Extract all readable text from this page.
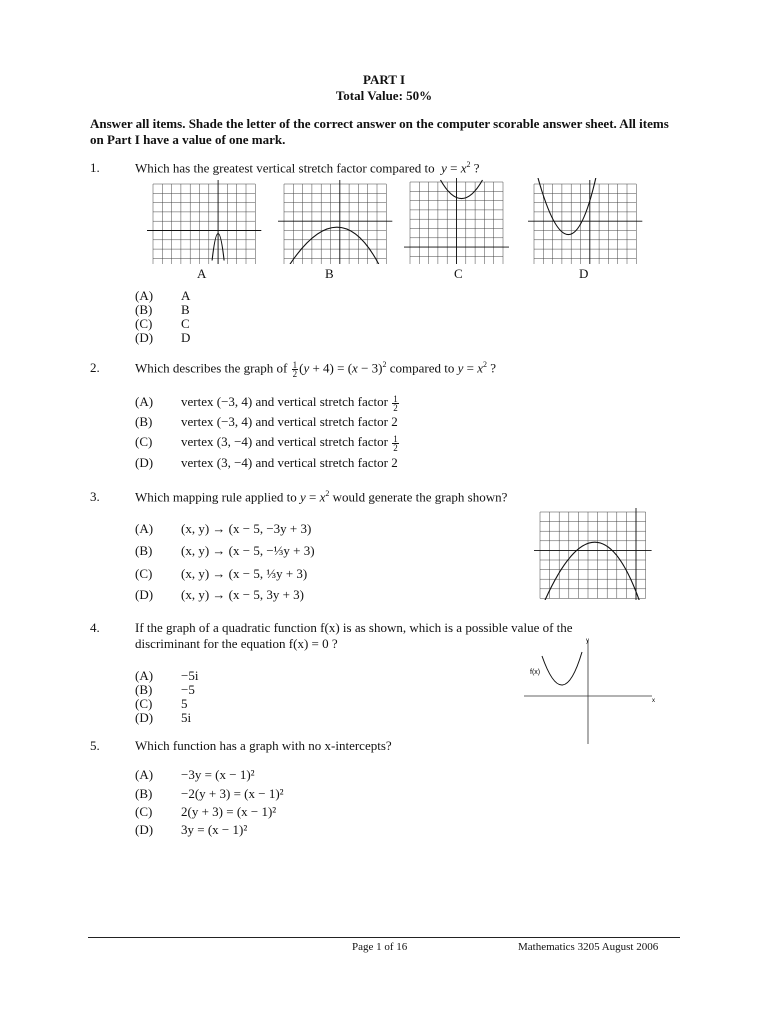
PART I
Total Value: 50%
Answer all items. Shade the letter of the correct answer on the computer scorable answer sheet. All items on Part I have a value of one mark.
1.	Which has the greatest vertical stretch factor compared to $y = x^2$ ?
A	B	C	D
(A) A
(B) B
(C) C
(D) D
2.	Which describes the graph of $\frac{1}{2} (y + 4) = (x - 3)^2$ compared to $y = x^2$ ?
(A) vertex (−3, 4) and vertical stretch factor $\frac{1}{2}$
(B) vertex (−3, 4) and vertical stretch factor 2
(C) vertex (3, −4) and vertical stretch factor $\frac{1}{2}$
(D) vertex (3, −4) and vertical stretch factor 2
3.	Which mapping rule applied to $y = x^2$ would generate the graph shown?
(A) (x, y) → (x − 5, −3y + 3)
(B) (x, y) → (x − 5, −⅓y + 3)
(C) (x, y) → (x − 5, ⅓y + 3)
(D) (x, y) → (x − 5, 3y + 3)
4.	If the graph of a quadratic function f(x) is as shown, which is a possible value of the
discriminant for the equation f(x) = 0 ?
(A) −5i
(B) −5
(C) 5
(D) 5i
x
y
f(x)
5.	Which function has a graph with no x-intercepts?
(A) −3y = (x − 1)²
(B) −2(y + 3) = (x − 1)²
(C) 2(y + 3) = (x − 1)²
(D) 3y = (x − 1)²
Page 1 of 16	Mathematics 3205 August 2006
